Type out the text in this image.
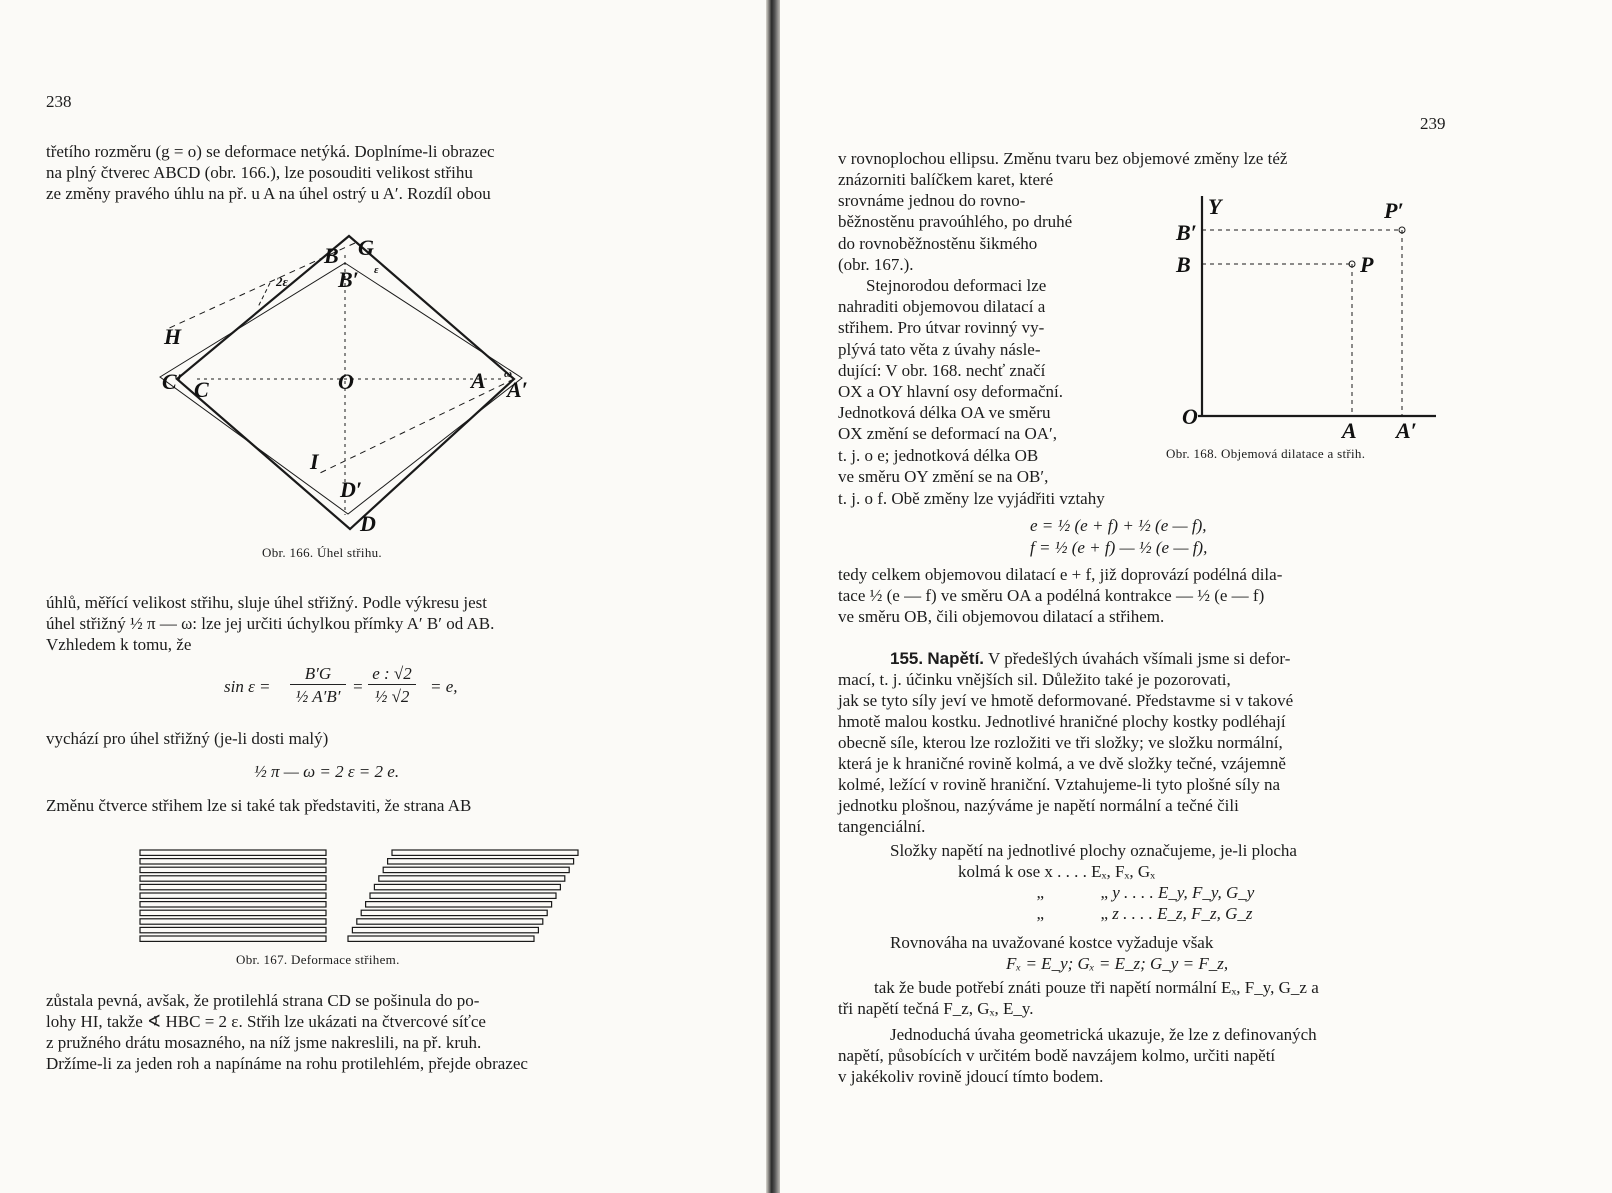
238
třetího rozměru (g = o) se deformace netýká. Doplníme-li obrazec
na plný čtverec ABCD (obr. 166.), lze posouditi velikost střihu
ze změny pravého úhlu na př. u A na úhel ostrý u A′. Rozdíl obou
B G
B′
2ε
ε
H
C′ C	O	A ω
A′
I
D′
D
Obr. 166. Úhel střihu.
úhlů, měřící velikost střihu, sluje úhel střižný. Podle výkresu jest
úhel střižný ½ π — ω: lze jej určiti úchylkou přímky A′ B′ od AB.
Vzhledem k tomu, že
sin ε =
B′G
½ A′B′
=
e : √2
½ √2
= e,
vychází pro úhel střižný (je-li dosti malý)
½ π — ω = 2 ε = 2 e.
Změnu čtverce střihem lze si také tak představiti, že strana AB
Obr. 167. Deformace střihem.
zůstala pevná, avšak, že protilehlá strana CD se pošinula do po-
lohy HI, takže ∢ HBC = 2 ε. Střih lze ukázati na čtvercové síťce
z pružného drátu mosazného, na níž jsme nakreslili, na př. kruh.
Držíme-li za jeden roh a napínáme na rohu protilehlém, přejde obrazec
239
v rovnoplochou ellipsu. Změnu tvaru bez objemové změny lze též
znázorniti balíčkem karet, které
srovnáme jednou do rovno-
běžnostěnu pravoúhlého, po druhé
do rovnoběžnostěnu šikmého
(obr. 167.).
Stejnorodou deformaci lze
nahraditi objemovou dilatací a
střihem. Pro útvar rovinný vy-
plývá tato věta z úvahy násle-
dující: V obr. 168. nechť značí
OX a OY hlavní osy deformační.
Jednotková délka OA ve směru
OX změní se deformací na OA′,
t. j. o e; jednotková délka OB
ve směru OY změní se na OB′,
Y
B′
B
P′
P
O
A A′
Obr. 168. Objemová dilatace a střih.
t. j. o f. Obě změny lze vyjádřiti vztahy
e = ½ (e + f) + ½ (e — f),
f = ½ (e + f) — ½ (e — f),
tedy celkem objemovou dilatací e + f, již doprovází podélná dila-
tace ½ (e — f) ve směru OA a podélná kontrakce — ½ (e — f)
ve směru OB, čili objemovou dilatací a střihem.
155. Napětí. V předešlých úvahách všímali jsme si defor-
mací, t. j. účinku vnějších sil. Důležito také je pozorovati,
jak se tyto síly jeví ve hmotě deformované. Představme si v takové
hmotě malou kostku. Jednotlivé hraničné plochy kostky podléhají
obecně síle, kterou lze rozložiti ve tři složky; ve složku normální,
která je k hraničné rovině kolmá, a ve dvě složky tečné, vzájemně
kolmé, ležící v rovině hraniční. Vztahujeme-li tyto plošné síly na
jednotku plošnou, nazýváme je napětí normální a tečné čili
tangenciální.
Složky napětí na jednotlivé plochy označujeme, je-li plocha
kolmá k ose x . . . . Eₓ, Fₓ, Gₓ
„	„ y . . . . E_y, F_y, G_y
„	„ z . . . . E_z, F_z, G_z
Rovnováha na uvažované kostce vyžaduje však
Fₓ = E_y; Gₓ = E_z; G_y = F_z,
tak že bude potřebí znáti pouze tři napětí normální Eₓ, F_y, G_z a
tři napětí tečná F_z, Gₓ, E_y.
Jednoduchá úvaha geometrická ukazuje, že lze z definovaných
napětí, působících v určitém bodě navzájem kolmo, určiti napětí
v jakékoliv rovině jdoucí tímto bodem.
